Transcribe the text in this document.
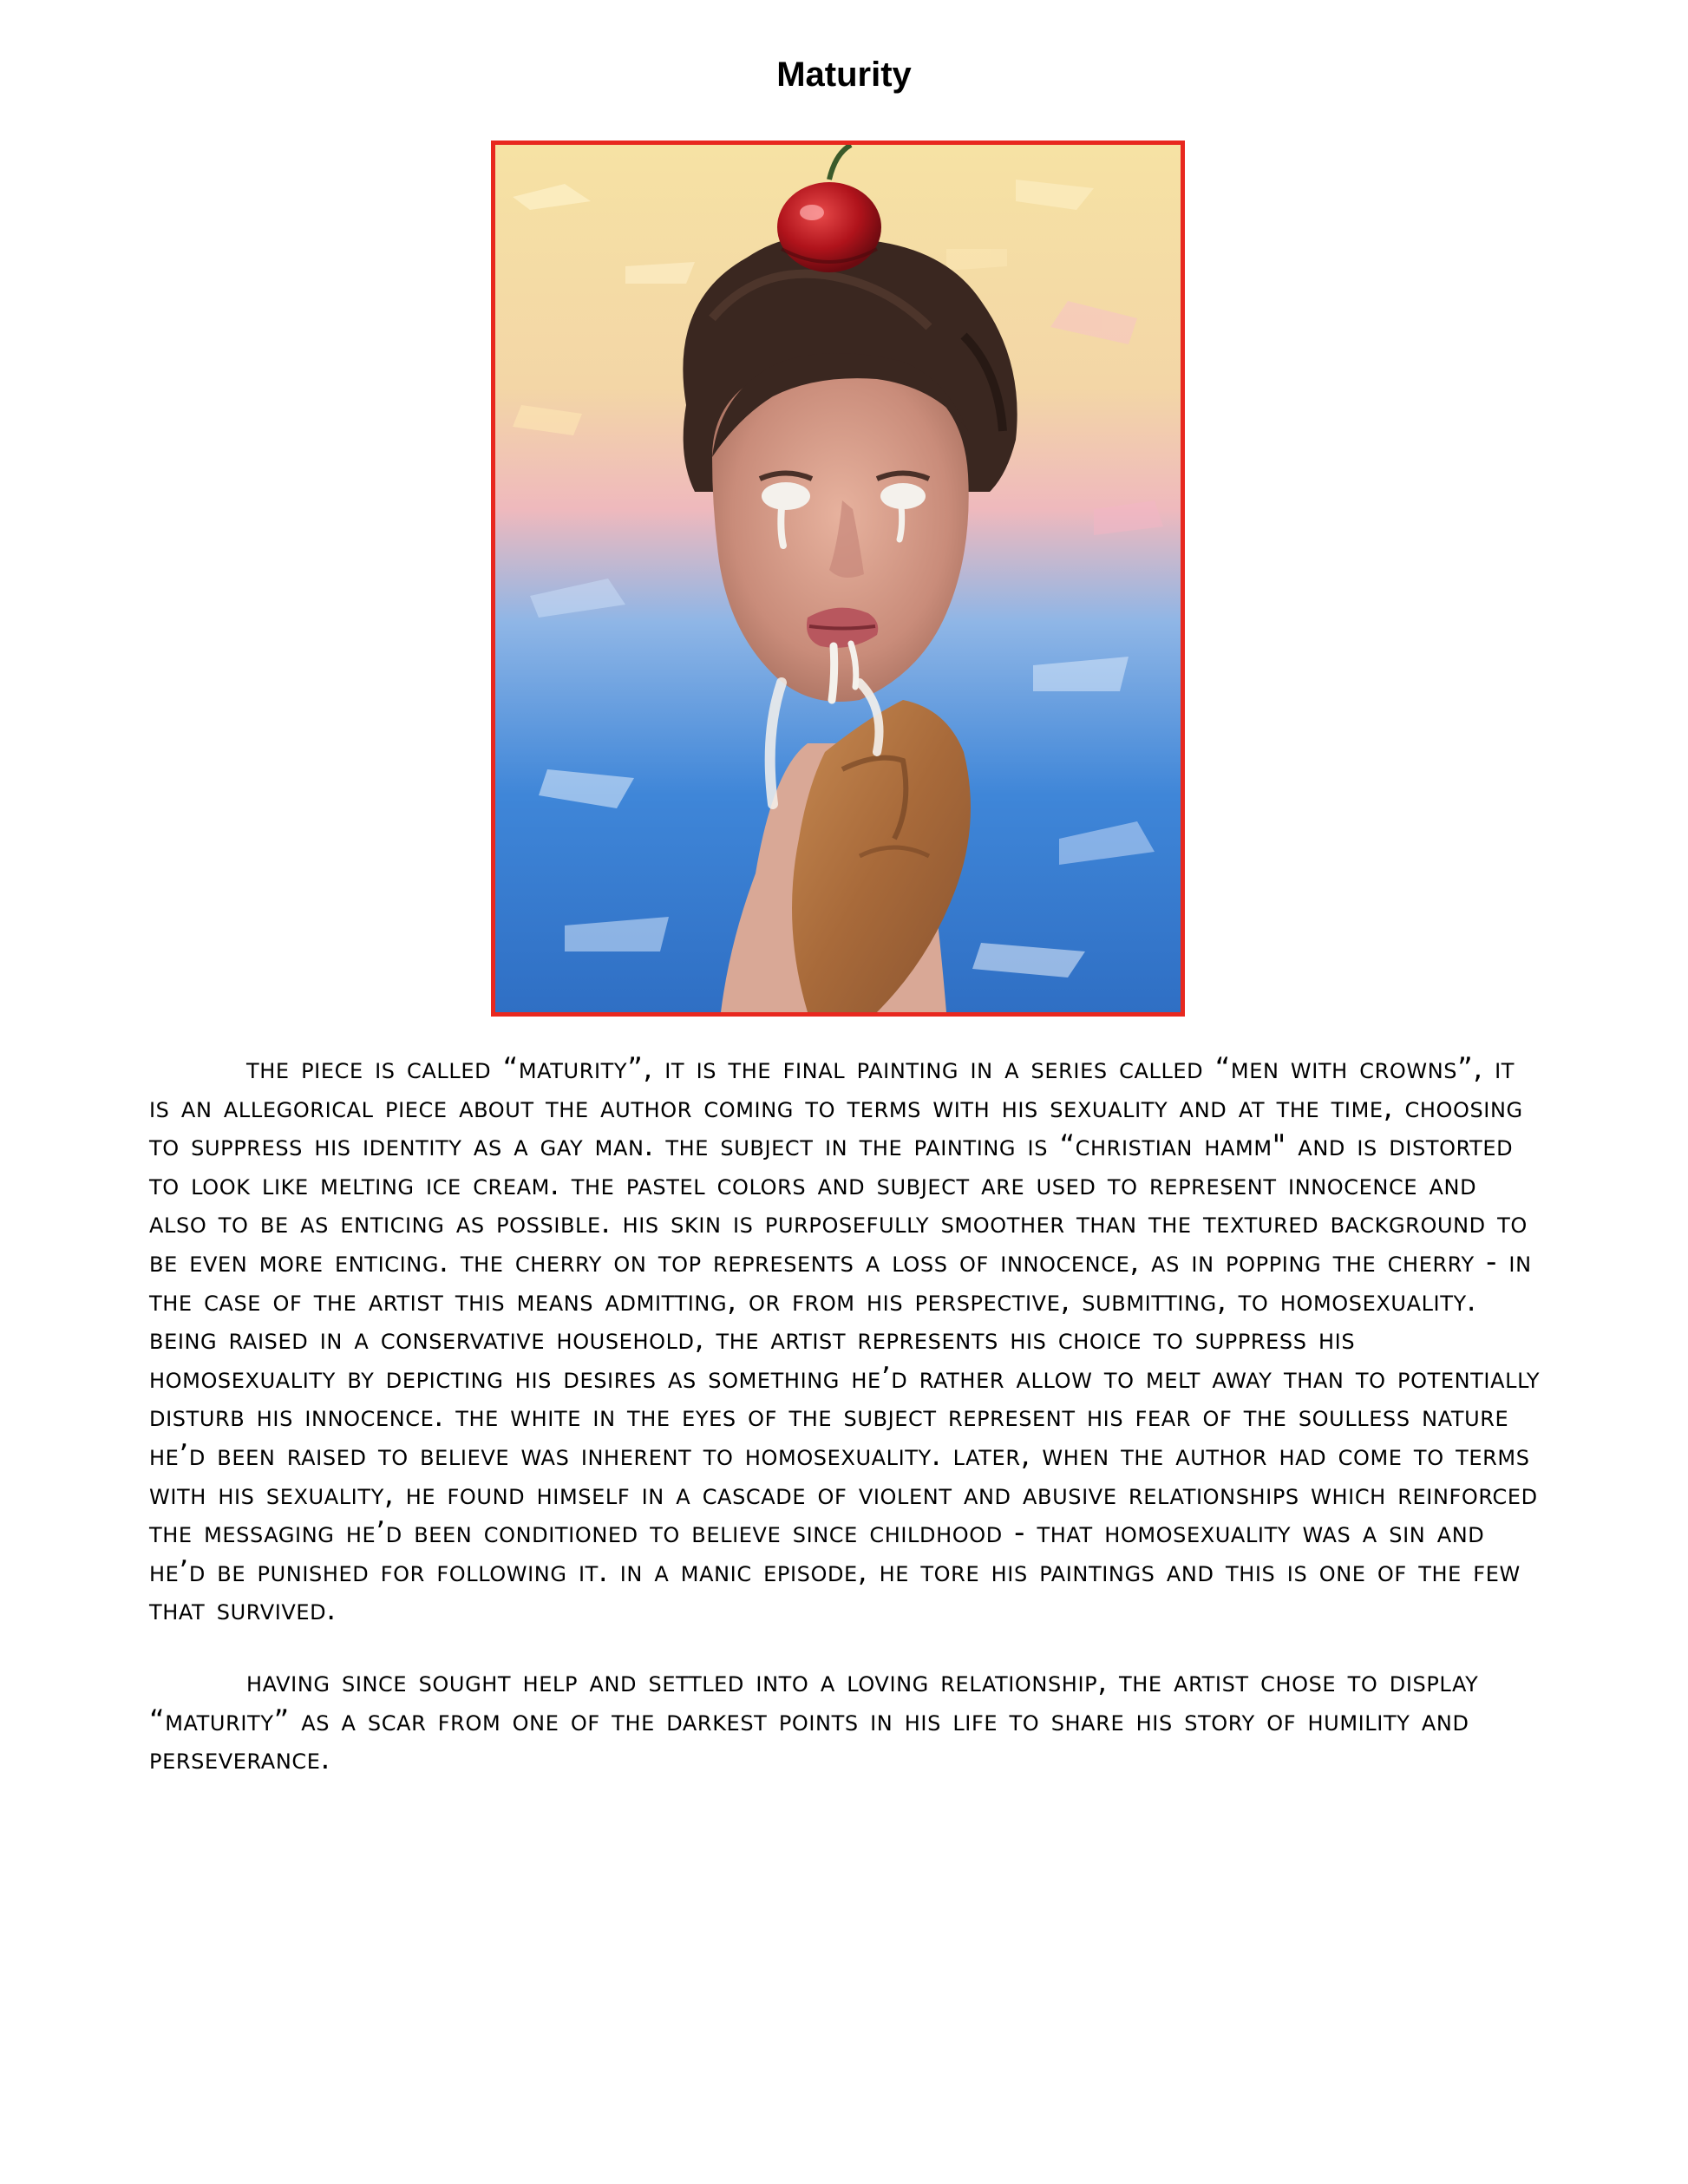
Maturity

the piece is called “maturity”, it is the final painting in a series called “men with crowns”, it is an allegorical piece about the author coming to terms with his sexuality and at the time, choosing to suppress his identity as a gay man. the subject in the painting is “christian hamm" and is distorted to look like melting ice cream. the pastel colors and subject are used to represent innocence and also to be as enticing as possible. his skin is purposefully smoother than the textured background to be even more enticing. the cherry on top represents a loss of innocence, as in popping the cherry - in the case of the artist this means admitting, or from his perspective, submitting, to homosexuality. being raised in a conservative household, the artist represents his choice to suppress his homosexuality by depicting his desires as something he’d rather allow to melt away than to potentially disturb his innocence. the white in the eyes of the subject represent his fear of the soulless nature he’d been raised to believe was inherent to homosexuality. later, when the author had come to terms with his sexuality, he found himself in a cascade of violent and abusive relationships which reinforced the messaging he’d been conditioned to believe since childhood - that homosexuality was a sin and he’d be punished for following it. in a manic episode, he tore his paintings and this is one of the few that survived.

having since sought help and settled into a loving relationship, the artist chose to display “maturity” as a scar from one of the darkest points in his life to share his story of humility and perseverance.
